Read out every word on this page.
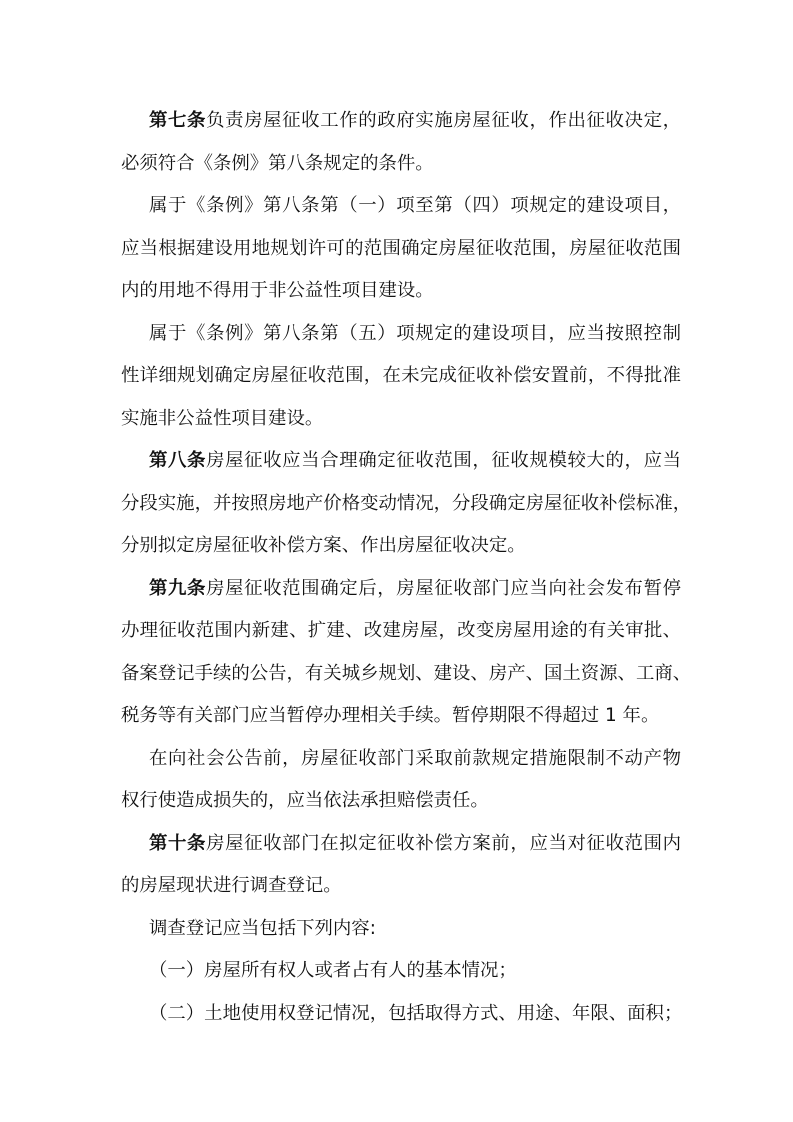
第七条负责房屋征收工作的政府实施房屋征收，作出征收决定，
必须符合《条例》第八条规定的条件。
属于《条例》第八条第（一）项至第（四）项规定的建设项目，
应当根据建设用地规划许可的范围确定房屋征收范围，房屋征收范围
内的用地不得用于非公益性项目建设。
属于《条例》第八条第（五）项规定的建设项目，应当按照控制
性详细规划确定房屋征收范围，在未完成征收补偿安置前，不得批准
实施非公益性项目建设。
第八条房屋征收应当合理确定征收范围，征收规模较大的，应当
分段实施，并按照房地产价格变动情况，分段确定房屋征收补偿标准，
分别拟定房屋征收补偿方案、作出房屋征收决定。
第九条房屋征收范围确定后，房屋征收部门应当向社会发布暂停
办理征收范围内新建、扩建、改建房屋，改变房屋用途的有关审批、
备案登记手续的公告，有关城乡规划、建设、房产、国土资源、工商、
税务等有关部门应当暂停办理相关手续。暂停期限不得超过 1 年。
在向社会公告前，房屋征收部门采取前款规定措施限制不动产物
权行使造成损失的，应当依法承担赔偿责任。
第十条房屋征收部门在拟定征收补偿方案前，应当对征收范围内
的房屋现状进行调查登记。
调查登记应当包括下列内容:
（一）房屋所有权人或者占有人的基本情况；
（二）土地使用权登记情况，包括取得方式、用途、年限、面积；
